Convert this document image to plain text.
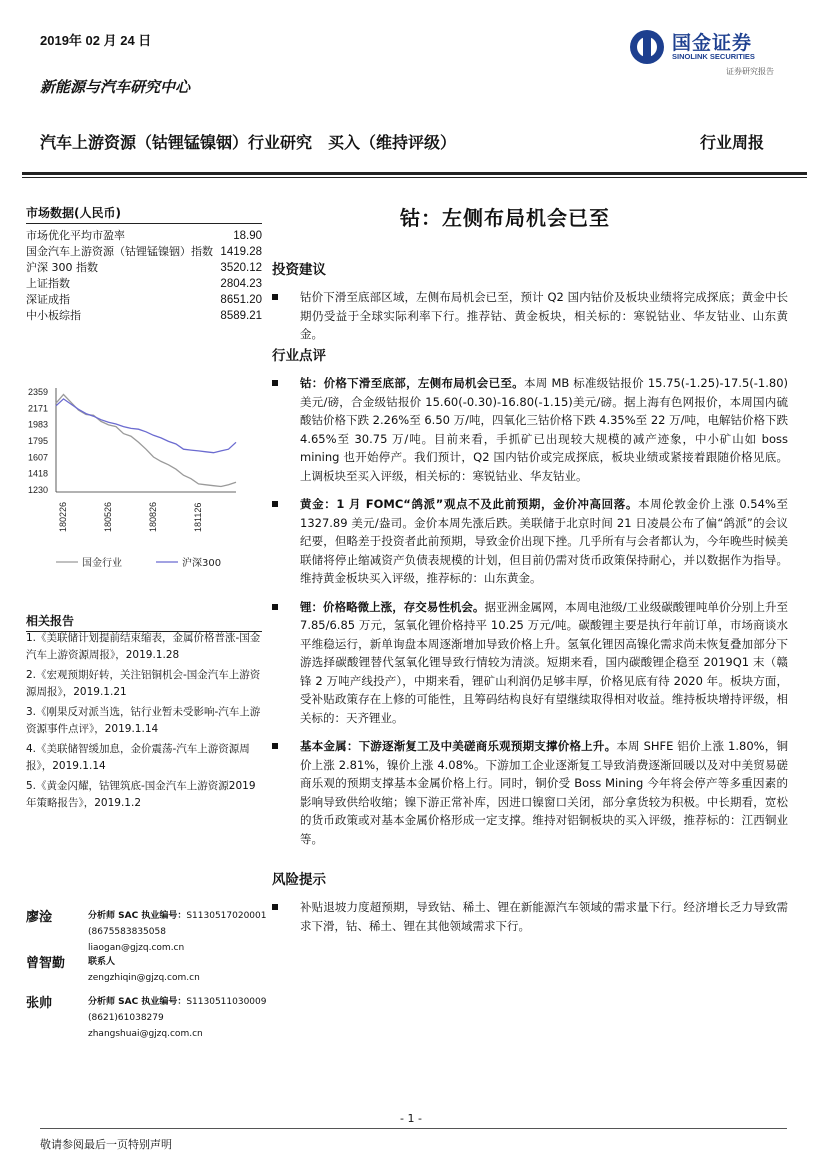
2019年 02 月 24 日
新能源与汽车研究中心
国金证券
SINOLINK SECURITIES
证券研究报告
汽车上游资源（钴锂锰镍铟）行业研究　买入（维持评级）	行业周报
市场数据(人民币)
市场优化平均市盈率	18.90
国金汽车上游资源（钴锂锰镍铟）指数 1419.28
沪深 300 指数	3520.12
上证指数	2804.23
深证成指	8651.20
中小板综指	8589.21
2359
2171
1983
1795
1607
1418
1230
180226	180526	180826	181126
国金行业	沪深300
相关报告
1.《美联储计划提前结束缩表，金属价格普涨-国金汽车上游资源周报》，2019.1.28
2.《宏观预期好转，关注铝铜机会-国金汽车上游资源周报》，2019.1.21
3.《刚果反对派当选，钴行业暂未受影响-汽车上游资源事件点评》，2019.1.14
4.《美联储智缓加息，金价震荡-汽车上游资源周报》，2019.1.14
5.《黄金闪耀，钴锂筑底-国金汽车上游资源2019 年策略报告》，2019.1.2
廖淦	分析师 SAC 执业编号：S1130517020001
(8675583835058
liaogan@gjzq.com.cn
曾智勤	联系人
zengzhiqin@gjzq.com.cn
张帅	分析师 SAC 执业编号：S1130511030009
(8621)61038279
zhangshuai@gjzq.com.cn
钴：左侧布局机会已至
投资建议
钴价下滑至底部区域，左侧布局机会已至，预计 Q2 国内钴价及板块业绩将完成探底；黄金中长期仍受益于全球实际利率下行。推荐钴、黄金板块，相关标的：寒锐钴业、华友钴业、山东黄金。
行业点评
钴：价格下滑至底部，左侧布局机会已至。本周 MB 标准级钴报价 15.75(-1.25)-17.5(-1.80)美元/磅，合金级钴报价 15.60(-0.30)-16.80(-1.15)美元/磅。据上海有色网报价，本周国内硫酸钴价格下跌 2.26%至 6.50 万/吨，四氧化三钴价格下跌 4.35%至 22 万/吨，电解钴价格下跌 4.65%至 30.75 万/吨。目前来看，手抓矿已出现较大规模的减产迹象，中小矿山如 boss mining 也开始停产。我们预计，Q2 国内钴价或完成探底，板块业绩或紧接着跟随价格见底。上调板块至买入评级，相关标的：寒锐钴业、华友钴业。
黄金：1 月 FOMC“鸽派”观点不及此前预期，金价冲高回落。本周伦敦金价上涨 0.54%至 1327.89 美元/盎司。金价本周先涨后跌。美联储于北京时间 21 日凌晨公布了偏“鸽派”的会议纪要，但略差于投资者此前预期，导致金价出现下挫。几乎所有与会者都认为，今年晚些时候美联储将停止缩减资产负债表规模的计划，但目前仍需对货币政策保持耐心，并以数据作为指导。维持黄金板块买入评级，推荐标的：山东黄金。
锂：价格略微上涨，存交易性机会。据亚洲金属网，本周电池级/工业级碳酸锂吨单价分别上升至 7.85/6.85 万元，氢氧化锂价格持平 10.25 万元/吨。碳酸锂主要是执行年前订单，市场商谈水平维稳运行，新单询盘本周逐渐增加导致价格上升。氢氧化锂因高镍化需求尚未恢复叠加部分下游选择碳酸锂替代氢氧化锂导致行情较为清淡。短期来看，国内碳酸锂企稳至 2019Q1 末（赣锋 2 万吨产线投产），中期来看，锂矿山利润仍足够丰厚，价格见底有待 2020 年。板块方面，受补贴政策存在上修的可能性，且筹码结构良好有望继续取得相对收益。维持板块增持评级，相关标的：天齐锂业。
基本金属：下游逐渐复工及中美磋商乐观预期支撑价格上升。本周 SHFE 铝价上涨 1.80%，铜价上涨 2.81%，镍价上涨 4.08%。下游加工企业逐渐复工导致消费逐渐回暖以及对中美贸易磋商乐观的预期支撑基本金属价格上行。同时，铜价受 Boss Mining 今年将会停产等多重因素的影响导致供给收缩；镍下游正常补库，因进口镍窗口关闭，部分拿货较为积极。中长期看，宽松的货币政策或对基本金属价格形成一定支撑。维持对铝铜板块的买入评级，推荐标的：江西铜业等。
风险提示
补贴退坡力度超预期，导致钴、稀土、锂在新能源汽车领域的需求量下行。经济增长乏力导致需求下滑，钴、稀土、锂在其他领域需求下行。
- 1 -
敬请参阅最后一页特别声明
